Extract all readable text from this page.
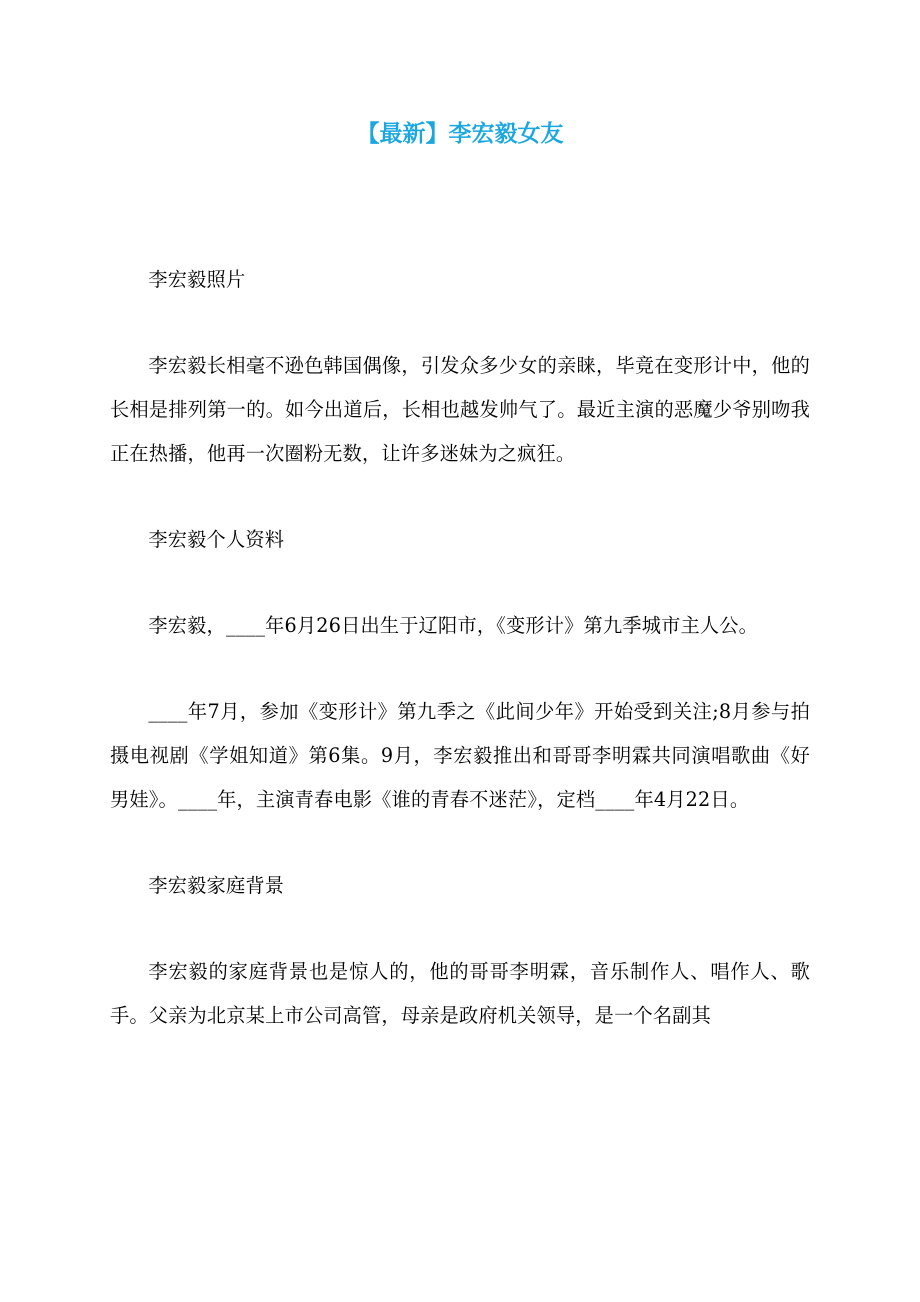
【最新】李宏毅女友

李宏毅照片

李宏毅长相毫不逊色韩国偶像，引发众多少女的亲睐，毕竟在变形计中，他的长相是排列第一的。如今出道后，长相也越发帅气了。最近主演的恶魔少爷别吻我正在热播，他再一次圈粉无数，让许多迷妹为之疯狂。

李宏毅个人资料

李宏毅，____年6月26日出生于辽阳市，《变形计》第九季城市主人公。

____年7月，参加《变形计》第九季之《此间少年》开始受到关注;8月参与拍摄电视剧《学姐知道》第6集。9月，李宏毅推出和哥哥李明霖共同演唱歌曲《好男娃》。____年，主演青春电影《谁的青春不迷茫》，定档____年4月22日。

李宏毅家庭背景

李宏毅的家庭背景也是惊人的，他的哥哥李明霖，音乐制作人、唱作人、歌手。父亲为北京某上市公司高管，母亲是政府机关领导，是一个名副其
